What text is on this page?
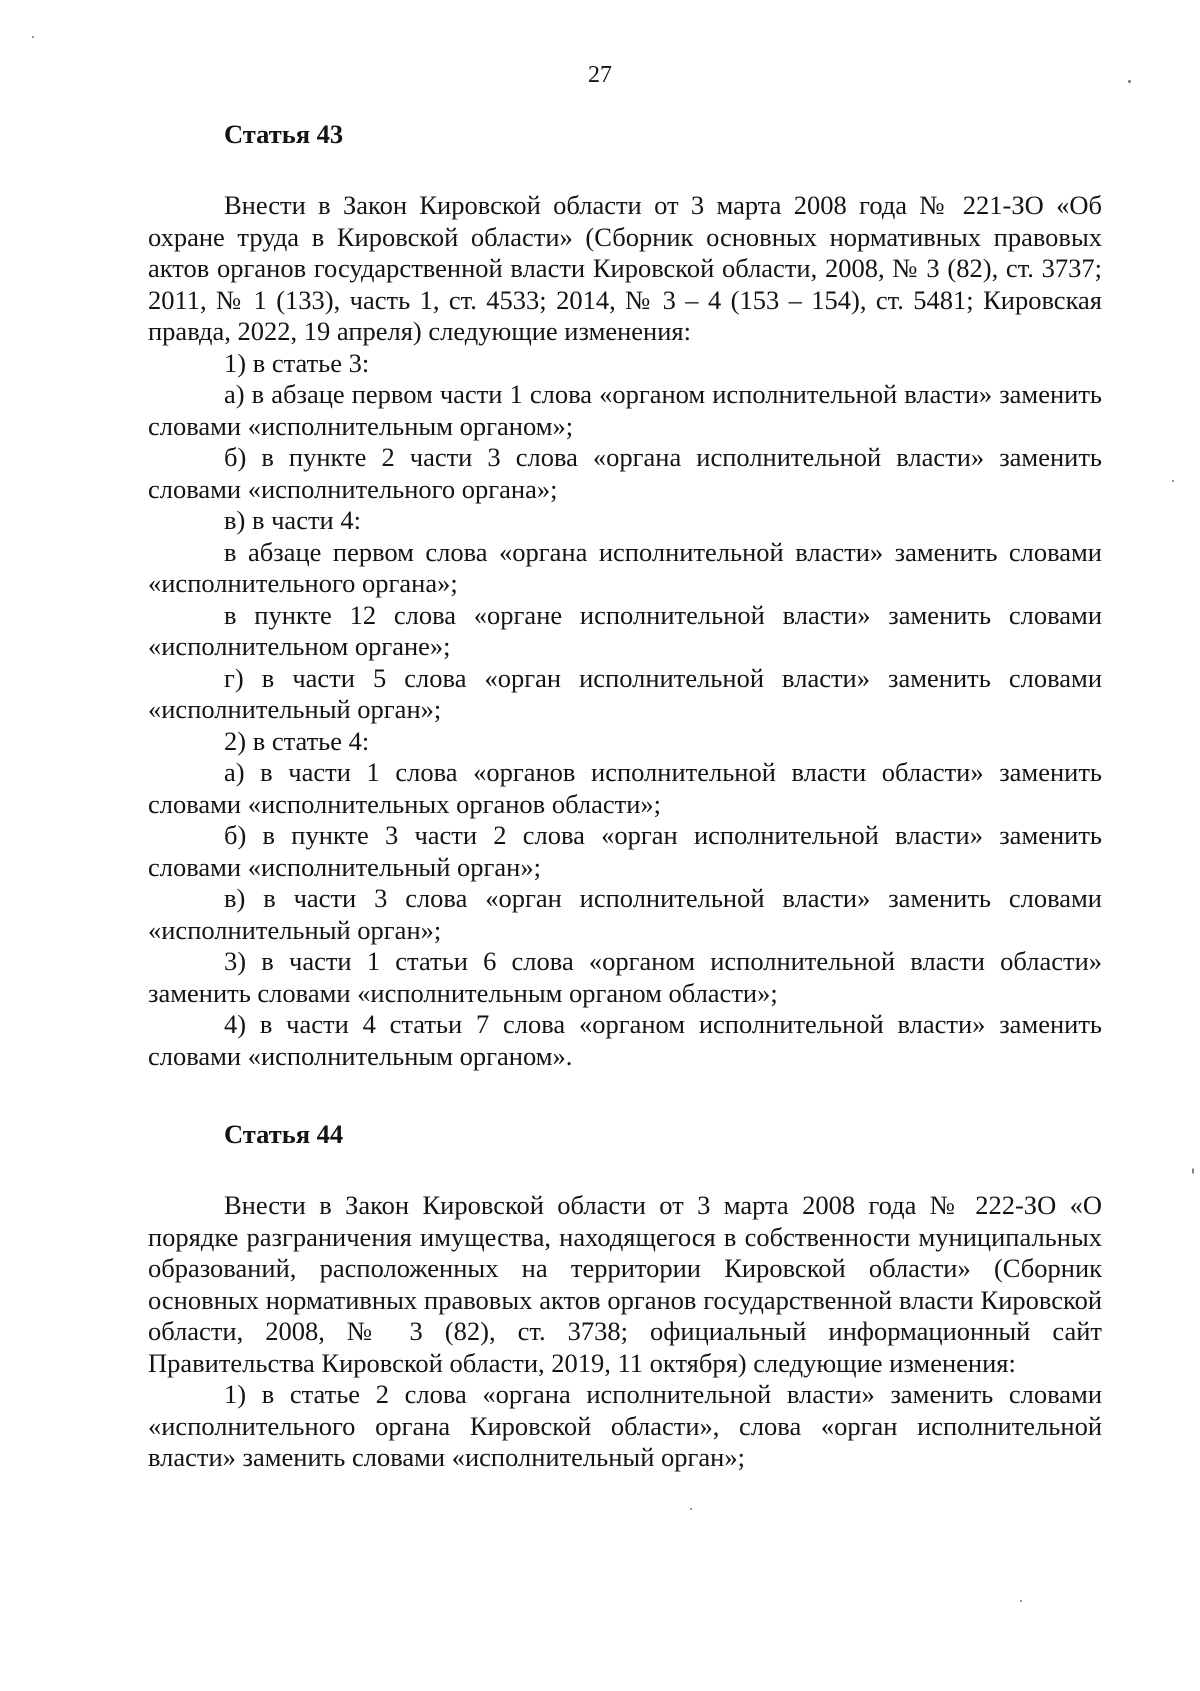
27
Статья 43

Внести в Закон Кировской области от 3 марта 2008 года № 221-ЗО «Об охране труда в Кировской области» (Сборник основных нормативных правовых актов органов государственной власти Кировской области, 2008, № 3 (82), ст. 3737; 2011, № 1 (133), часть 1, ст. 4533; 2014, № 3 – 4 (153 – 154), ст. 5481; Кировская правда, 2022, 19 апреля) следующие изменения:

1) в статье 3:

а) в абзаце первом части 1 слова «органом исполнительной власти» заменить словами «исполнительным органом»;

б) в пункте 2 части 3 слова «органа исполнительной власти» заменить словами «исполнительного органа»;

в) в части 4:

в абзаце первом слова «органа исполнительной власти» заменить словами «исполнительного органа»;

в пункте 12 слова «органе исполнительной власти» заменить словами «исполнительном органе»;

г) в части 5 слова «орган исполнительной власти» заменить словами «исполнительный орган»;

2) в статье 4:

а) в части 1 слова «органов исполнительной власти области» заменить словами «исполнительных органов области»;

б) в пункте 3 части 2 слова «орган исполнительной власти» заменить словами «исполнительный орган»;

в) в части 3 слова «орган исполнительной власти» заменить словами «исполнительный орган»;

3) в части 1 статьи 6 слова «органом исполнительной власти области» заменить словами «исполнительным органом области»;

4) в части 4 статьи 7 слова «органом исполнительной власти» заменить словами «исполнительным органом».

Статья 44

Внести в Закон Кировской области от 3 марта 2008 года № 222-ЗО «О порядке разграничения имущества, находящегося в собственности муниципальных образований, расположенных на территории Кировской области» (Сборник основных нормативных правовых актов органов государственной власти Кировской области, 2008, № 3 (82), ст. 3738; официальный информационный сайт Правительства Кировской области, 2019, 11 октября) следующие изменения:

1) в статье 2 слова «органа исполнительной власти» заменить словами «исполнительного органа Кировской области», слова «орган исполнительной власти» заменить словами «исполнительный орган»;
